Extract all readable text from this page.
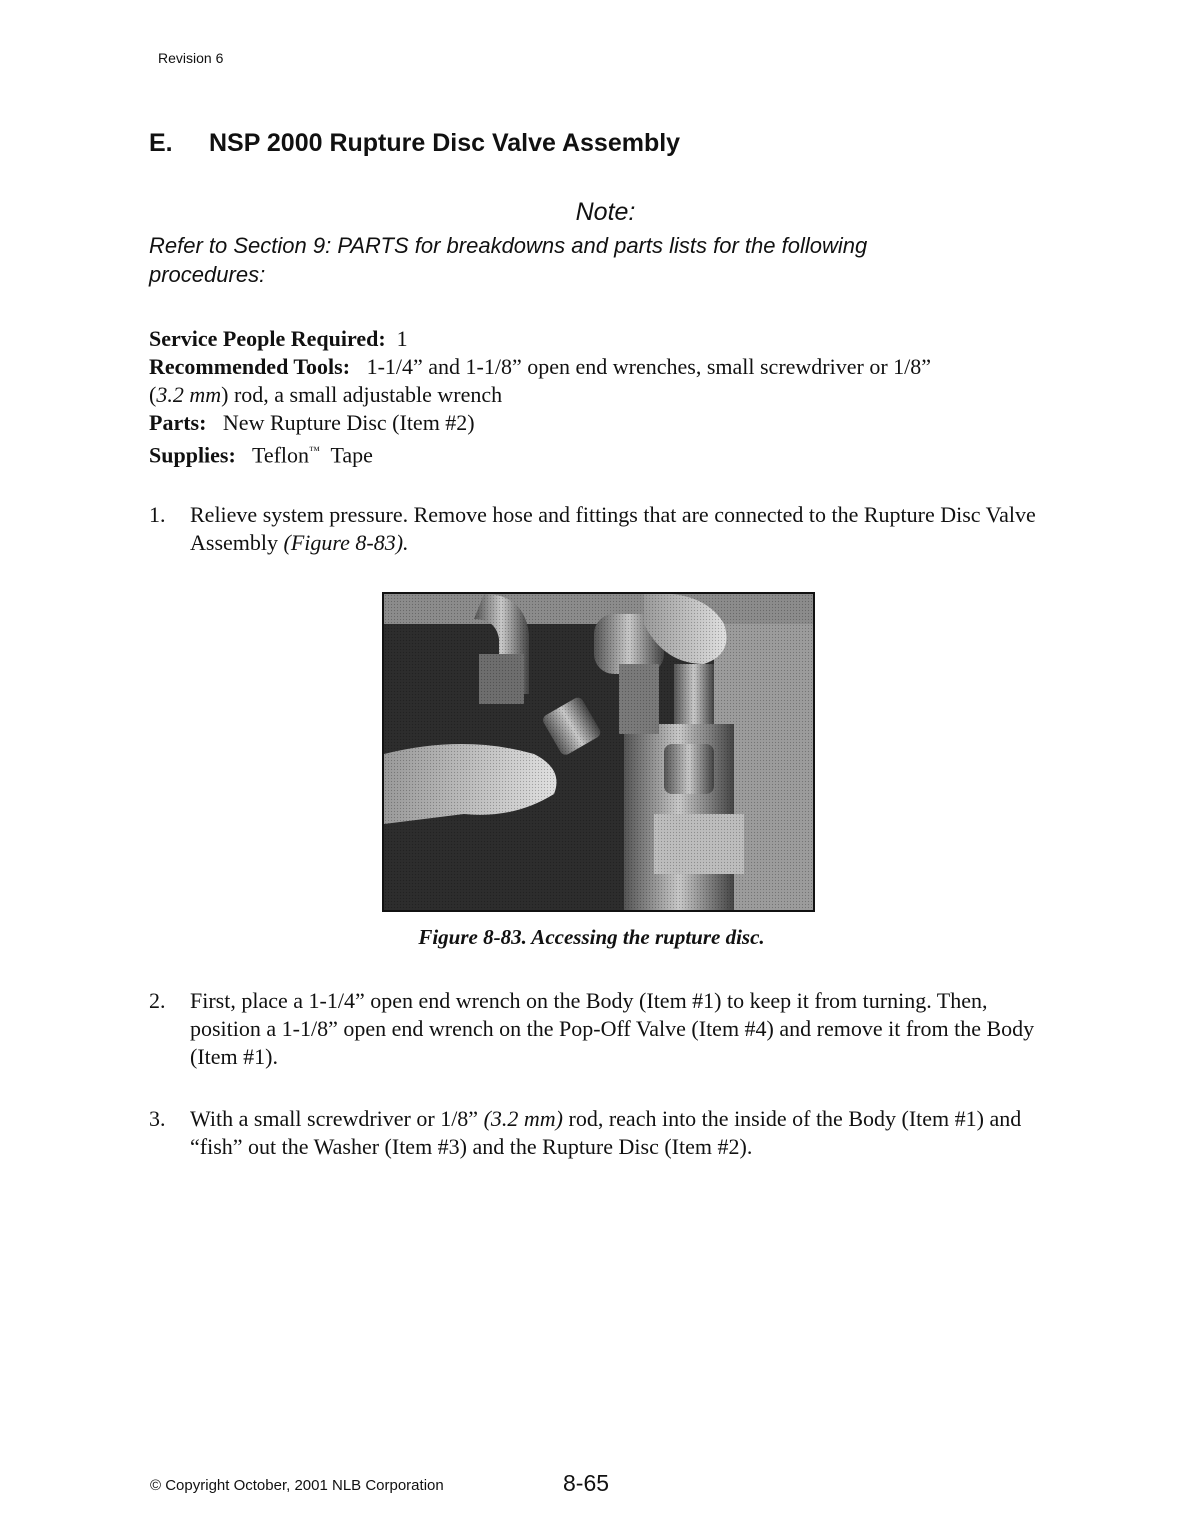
Revision 6
E. NSP 2000 Rupture Disc Valve Assembly
Note:
Refer to Section 9: PARTS for breakdowns and parts lists for the following procedures:
Service People Required: 1
Recommended Tools: 1-1/4” and 1-1/8” open end wrenches, small screwdriver or 1/8”
(3.2 mm) rod, a small adjustable wrench
Parts: New Rupture Disc (Item #2)
Supplies: Teflon™ Tape
1. Relieve system pressure. Remove hose and fittings that are connected to the Rupture Disc Valve Assembly (Figure 8-83).
Figure 8-83. Accessing the rupture disc.
2. First, place a 1-1/4” open end wrench on the Body (Item #1) to keep it from turning. Then, position a 1-1/8” open end wrench on the Pop-Off Valve (Item #4) and remove it from the Body (Item #1).
3. With a small screwdriver or 1/8” (3.2 mm) rod, reach into the inside of the Body (Item #1) and “fish” out the Washer (Item #3) and the Rupture Disc (Item #2).
© Copyright October, 2001 NLB Corporation	8-65
